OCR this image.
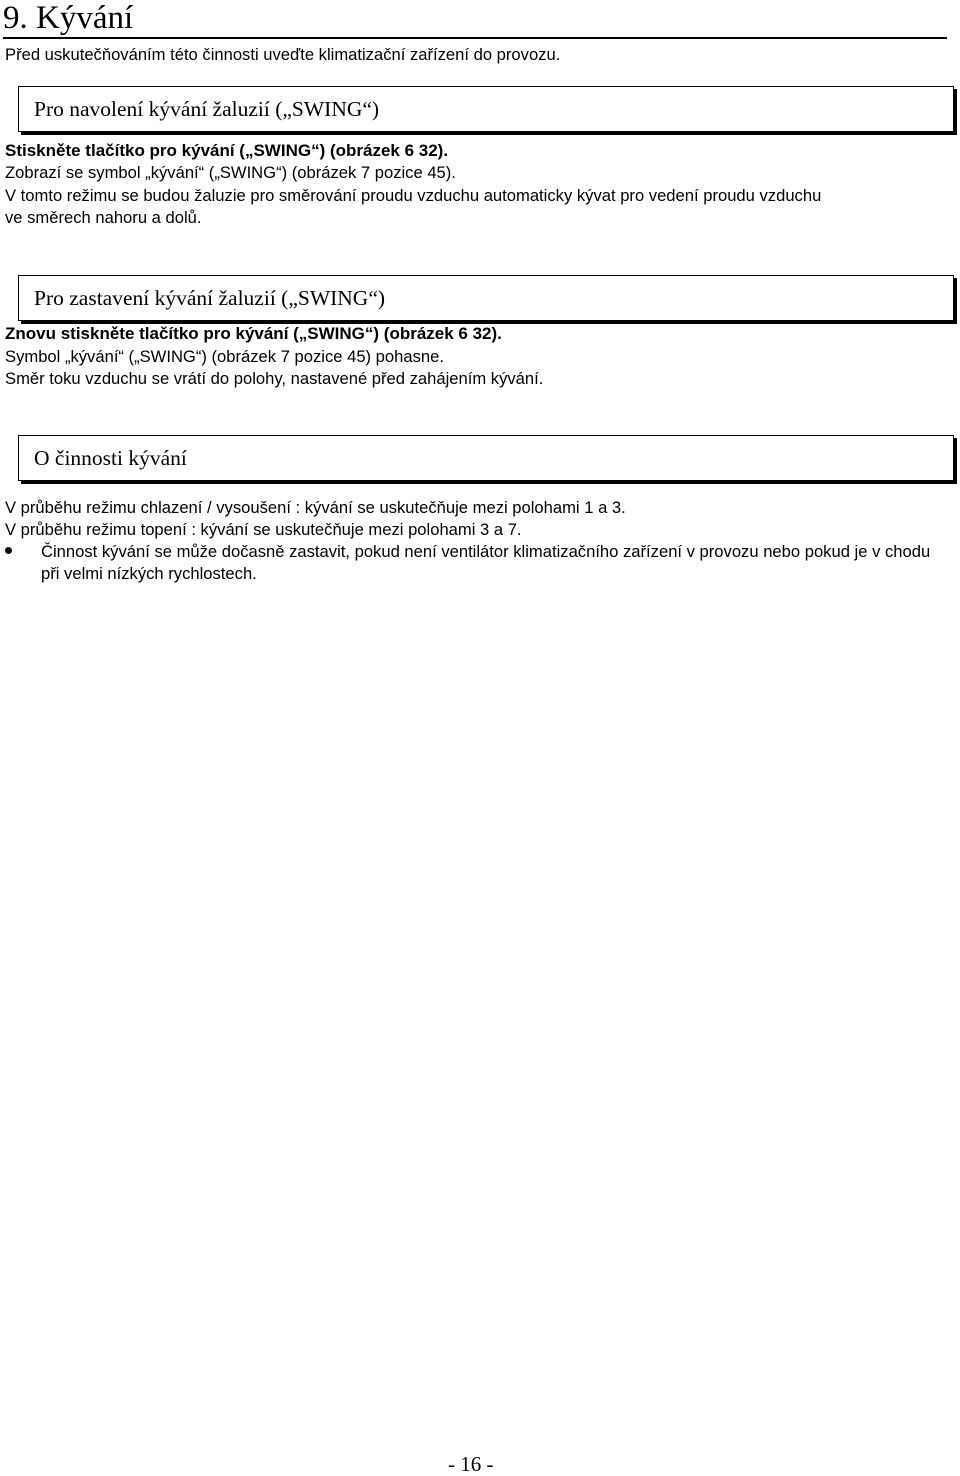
9. Kývání
Před uskutečňováním této činnosti uveďte klimatizační zařízení do provozu.
Pro navolení kývání žaluzií („SWING“)
Stiskněte tlačítko pro kývání („SWING“) (obrázek 6 32).
Zobrazí se symbol „kývání“ („SWING“) (obrázek 7 pozice 45).
V tomto režimu se budou žaluzie pro směrování proudu vzduchu automaticky kývat pro vedení proudu vzduchu
ve směrech nahoru a dolů.
Pro zastavení kývání žaluzií („SWING“)
Znovu stiskněte tlačítko pro kývání („SWING“) (obrázek 6 32).
Symbol „kývání“ („SWING“) (obrázek 7 pozice 45) pohasne.
Směr toku vzduchu se vrátí do polohy, nastavené před zahájením kývání.
O činnosti kývání
V průběhu režimu chlazení / vysoušení : kývání se uskutečňuje mezi polohami 1 a 3.
V průběhu režimu topení : kývání se uskutečňuje mezi polohami 3 a 7.
Činnost kývání se může dočasně zastavit, pokud není ventilátor klimatizačního zařízení v provozu nebo pokud je v chodu při velmi nízkých rychlostech.
- 16 -
